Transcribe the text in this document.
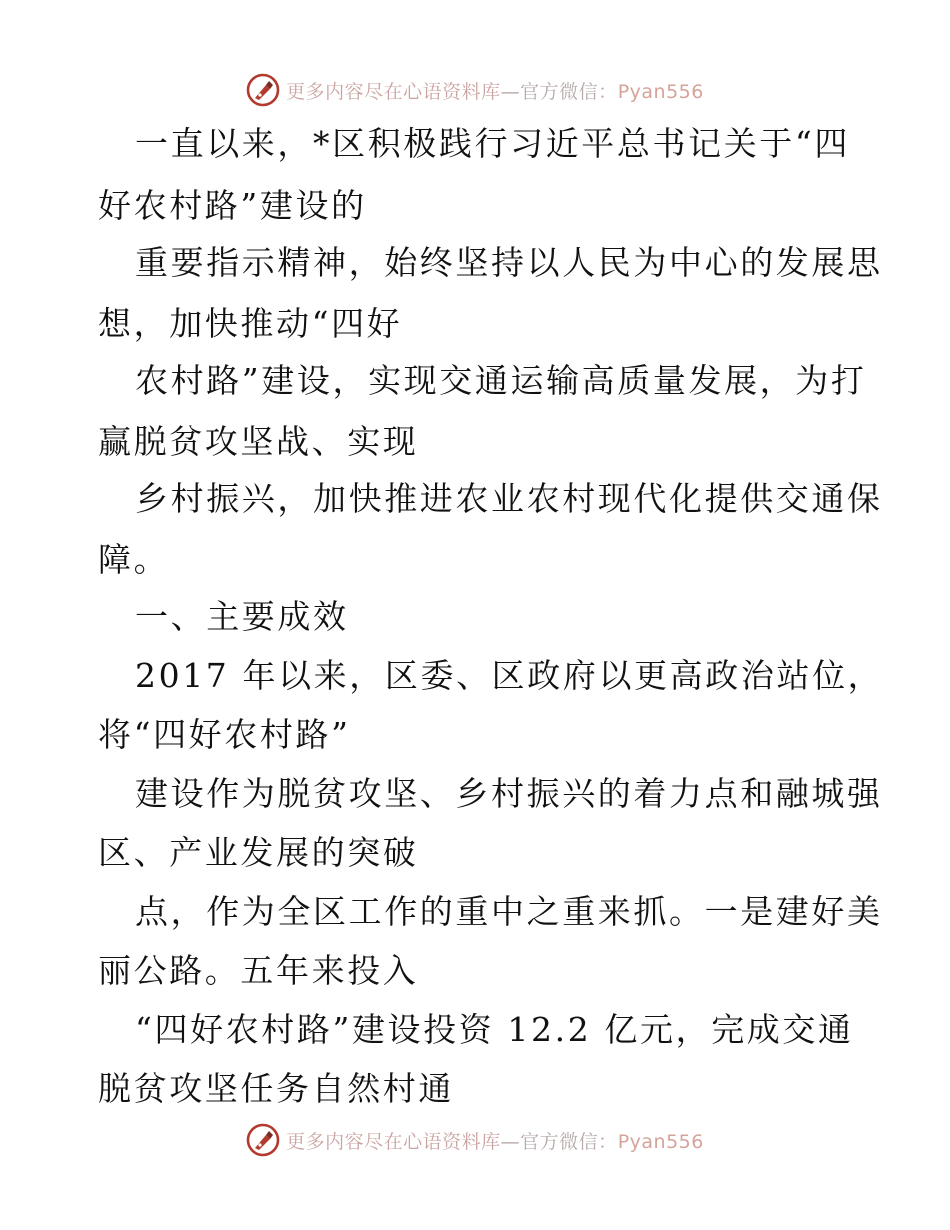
更多内容尽在心语资料库—官方微信：Pyan556
一直以来，*区积极践行习近平总书记关于“四
好农村路”建设的
重要指示精神，始终坚持以人民为中心的发展思
想，加快推动“四好
农村路”建设，实现交通运输高质量发展，为打
赢脱贫攻坚战、实现
乡村振兴，加快推进农业农村现代化提供交通保
障。
一、主要成效
2017 年以来，区委、区政府以更高政治站位，
将“四好农村路”
建设作为脱贫攻坚、乡村振兴的着力点和融城强
区、产业发展的突破
点，作为全区工作的重中之重来抓。一是建好美
丽公路。五年来投入
“四好农村路”建设投资 12.2 亿元，完成交通
脱贫攻坚任务自然村通
更多内容尽在心语资料库—官方微信：Pyan556
